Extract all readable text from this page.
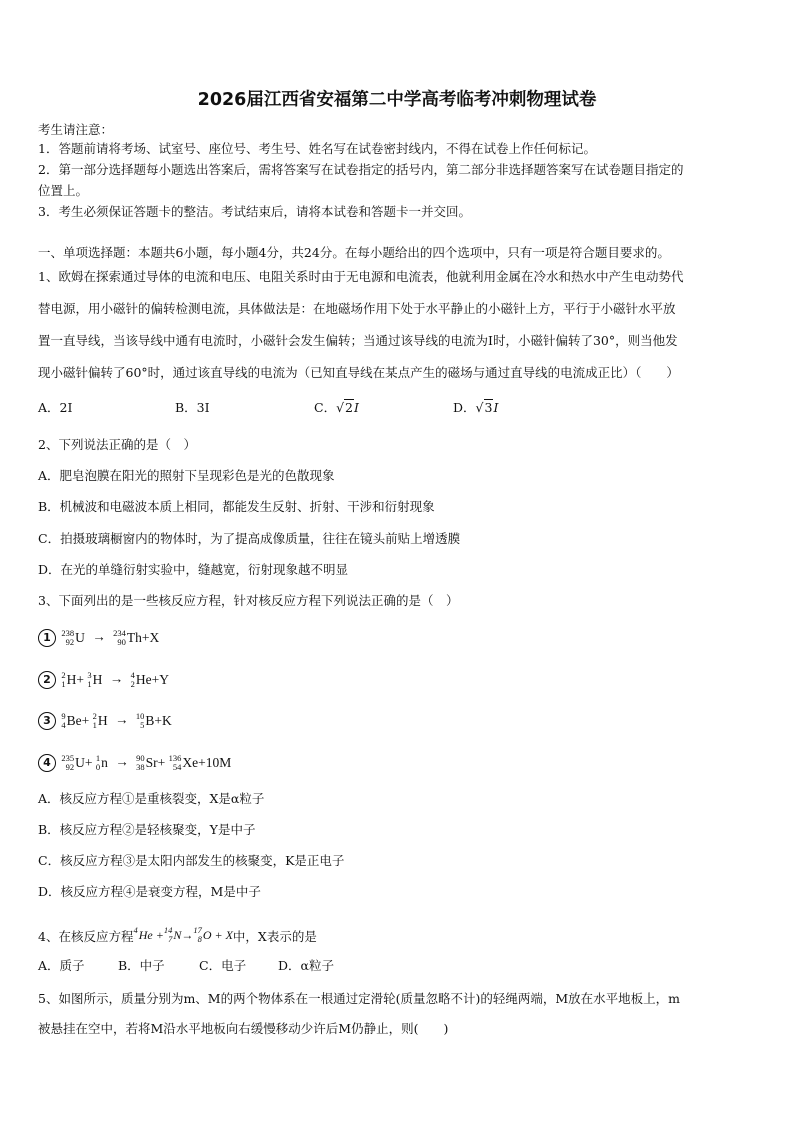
2026届江西省安福第二中学高考临考冲刺物理试卷
考生请注意：
1．答题前请将考场、试室号、座位号、考生号、姓名写在试卷密封线内，不得在试卷上作任何标记。
2．第一部分选择题每小题选出答案后，需将答案写在试卷指定的括号内，第二部分非选择题答案写在试卷题目指定的
位置上。
3．考生必须保证答题卡的整洁。考试结束后，请将本试卷和答题卡一并交回。
一、单项选择题：本题共6小题，每小题4分，共24分。在每小题给出的四个选项中，只有一项是符合题目要求的。
1、欧姆在探索通过导体的电流和电压、电阻关系时由于无电源和电流表，他就利用金属在冷水和热水中产生电动势代
替电源，用小磁针的偏转检测电流，具体做法是：在地磁场作用下处于水平静止的小磁针上方，平行于小磁针水平放
置一直导线，当该导线中通有电流时，小磁针会发生偏转；当通过该导线的电流为I时，小磁针偏转了30°，则当他发
现小磁针偏转了60°时，通过该直导线的电流为（已知直导线在某点产生的磁场与通过直导线的电流成正比）（　　）
A．2I	B．3I	C．√2I	D．√3I
2、下列说法正确的是（　）
A．肥皂泡膜在阳光的照射下呈现彩色是光的色散现象
B．机械波和电磁波本质上相同，都能发生反射、折射、干涉和衍射现象
C．拍摄玻璃橱窗内的物体时，为了提高成像质量，往往在镜头前贴上增透膜
D．在光的单缝衍射实验中，缝越宽，衍射现象越不明显
3、下面列出的是一些核反应方程，针对核反应方程下列说法正确的是（　）
1 238
92 U → 234
90 Th+X
2 2
1 H+
3
1 H → 4
2 He+Y
3 9
4 Be+
2
1 H → 10
5 B+K
4 235
92 U+
1
0 n → 90
38 Sr+
136
54 Xe+10M
A．核反应方程①是重核裂变，X是α粒子
B．核反应方程②是轻核聚变，Y是中子
C．核反应方程③是太阳内部发生的核聚变，K是正电子
D．核反应方程④是衰变方程，M是中子
4、在核反应方程 4
He + 14
7 N→ 17
8 O + X 中，X表示的是
A．质子	B．中子	C．电子	D．α粒子
5、如图所示，质量分别为m、M的两个物体系在一根通过定滑轮(质量忽略不计)的轻绳两端，M放在水平地板上，m
被悬挂在空中，若将M沿水平地板向右缓慢移动少许后M仍静止，则(　　)
